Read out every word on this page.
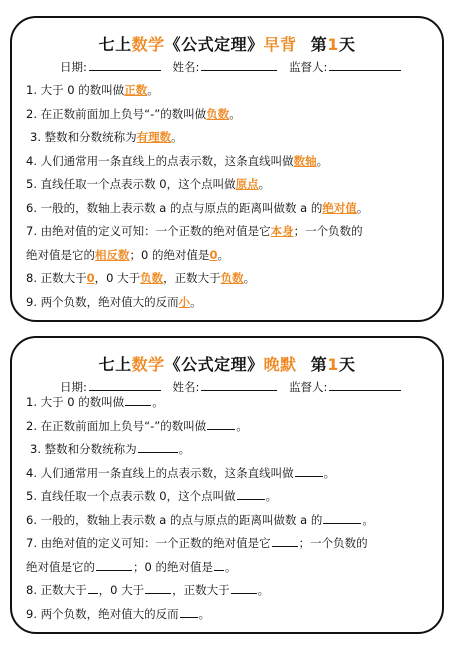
七上数学《公式定理》早背 第1天
日期:	姓名:	监督人:
1. 大于 0 的数叫做正数。
2. 在正数前面加上负号“-”的数叫做负数。
3. 整数和分数统称为有理数。
4. 人们通常用一条直线上的点表示数，这条直线叫做数轴。
5. 直线任取一个点表示数 0，这个点叫做原点。
6. 一般的，数轴上表示数 a 的点与原点的距离叫做数 a 的绝对值。
7. 由绝对值的定义可知：一个正数的绝对值是它本身；一个负数的
绝对值是它的相反数；0 的绝对值是0。
8. 正数大于0，0 大于负数，正数大于负数。
9. 两个负数，绝对值大的反而小。
七上数学《公式定理》晚默 第1天
日期:	姓名:	监督人:
1. 大于 0 的数叫做 。
2. 在正数前面加上负号“-”的数叫做	。
3. 整数和分数统称为	。
4. 人们通常用一条直线上的点表示数，这条直线叫做	。
5. 直线任取一个点表示数 0，这个点叫做	。
6. 一般的，数轴上表示数 a 的点与原点的距离叫做数 a 的	。
7. 由绝对值的定义可知：一个正数的绝对值是它 ；一个负数的
绝对值是它的	；0 的绝对值是 。
8. 正数大于 ，0 大于 ，正数大于 。
9. 两个负数，绝对值大的反而 。
